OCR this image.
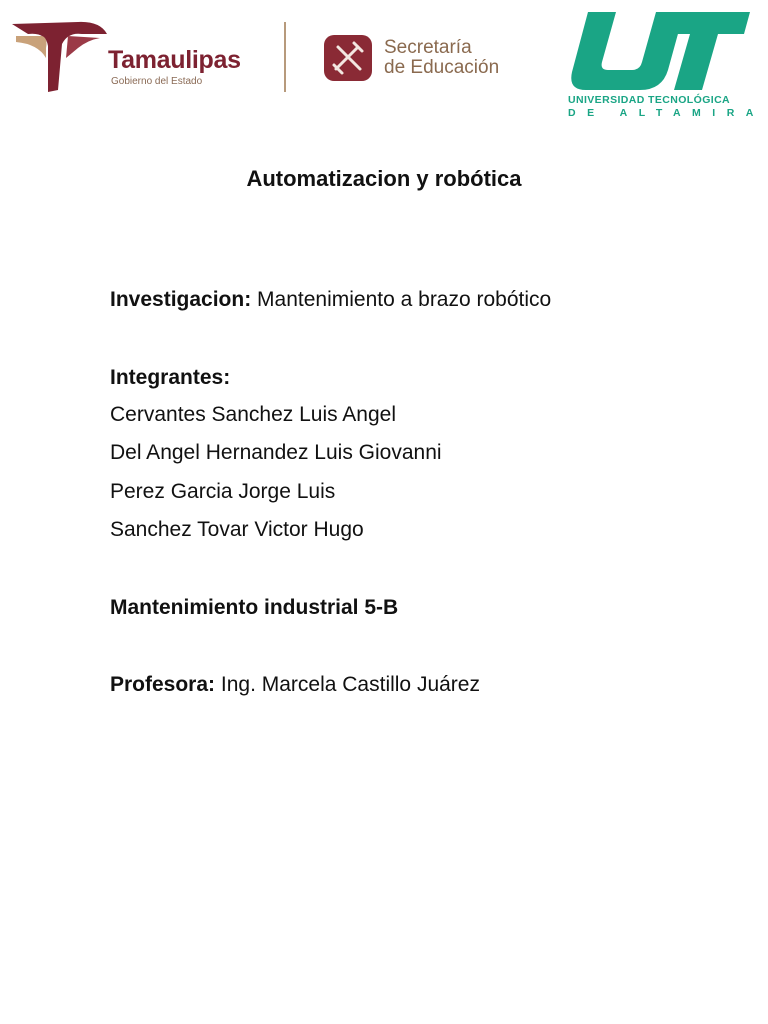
Tamaulipas
Gobierno del Estado
Secretaría
de Educación
UNIVERSIDAD TECNOLÓGICA
DE ALTAMIRA
Automatizacion y robótica
Investigacion: Mantenimiento a brazo robótico
Integrantes:
Cervantes Sanchez Luis Angel
Del Angel Hernandez Luis Giovanni
Perez Garcia Jorge Luis
Sanchez Tovar Victor Hugo
Mantenimiento industrial 5-B
Profesora: Ing. Marcela Castillo Juárez
